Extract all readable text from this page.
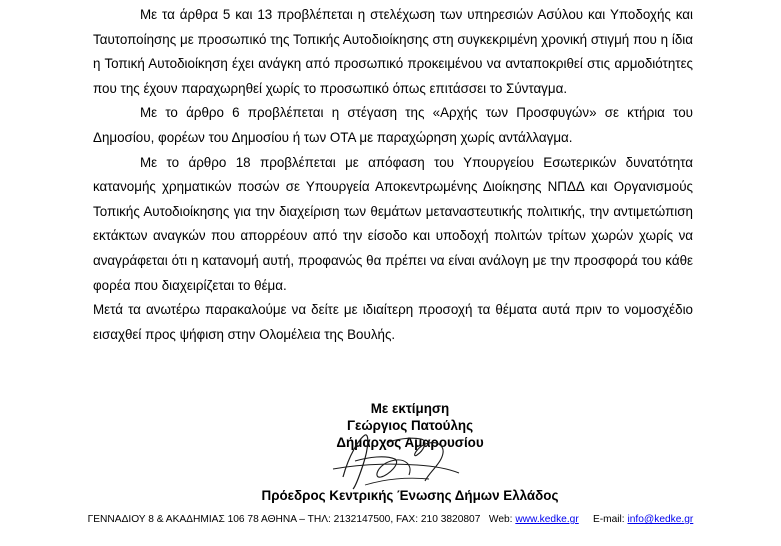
Με τα άρθρα 5 και 13 προβλέπεται η στελέχωση των υπηρεσιών Ασύλου και Υποδοχής και Ταυτοποίησης με προσωπικό της Τοπικής Αυτοδιοίκησης στη συγκεκριμένη χρονική στιγμή που η ίδια η Τοπική Αυτοδιοίκηση έχει ανάγκη από προσωπικό προκειμένου να ανταποκριθεί στις αρμοδιότητες που της έχουν παραχωρηθεί χωρίς το προσωπικό όπως επιτάσσει το Σύνταγμα.

Με το άρθρο 6 προβλέπεται η στέγαση της «Αρχής των Προσφυγών» σε κτήρια του Δημοσίου, φορέων του Δημοσίου ή των ΟΤΑ με παραχώρηση χωρίς αντάλλαγμα.

Με το άρθρο 18 προβλέπεται με απόφαση του Υπουργείου Εσωτερικών δυνατότητα κατανομής χρηματικών ποσών σε Υπουργεία Αποκεντρωμένης Διοίκησης ΝΠΔΔ και Οργανισμούς Τοπικής Αυτοδιοίκησης για την διαχείριση των θεμάτων μεταναστευτικής πολιτικής, την αντιμετώπιση εκτάκτων αναγκών που απορρέουν από την είσοδο και υποδοχή πολιτών τρίτων χωρών χωρίς να αναγράφεται ότι η κατανομή αυτή, προφανώς θα πρέπει να είναι ανάλογη με την προσφορά του κάθε φορέα που διαχειρίζεται το θέμα.

Μετά τα ανωτέρω παρακαλούμε να δείτε με ιδιαίτερη προσοχή τα θέματα αυτά πριν το νομοσχέδιο εισαχθεί προς ψήφιση στην Ολομέλεια της Βουλής.

Με εκτίμηση
Γεώργιος Πατούλης
Δήμαρχος Αμαρουσίου
Πρόεδρος Κεντρικής Ένωσης Δήμων Ελλάδος
ΓΕΝΝΑΔΙΟΥ 8 & ΑΚΑΔΗΜΙΑΣ 106 78 ΑΘΗΝΑ – ΤΗΛ: 2132147500, FAX: 210 3820807 Web: www.kedke.gr E-mail: info@kedke.gr
